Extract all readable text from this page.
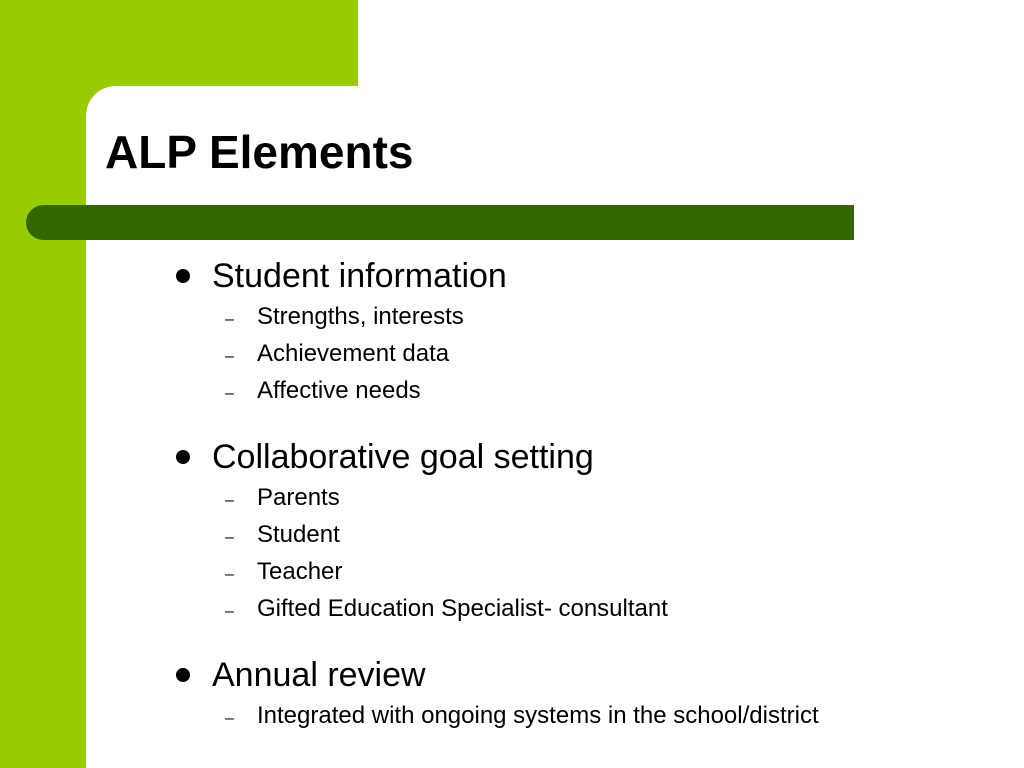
ALP Elements
Student information
– Strengths, interests
– Achievement data
– Affective needs
Collaborative goal setting
– Parents
– Student
– Teacher
– Gifted Education Specialist- consultant
Annual review
– Integrated with ongoing systems in the school/district
